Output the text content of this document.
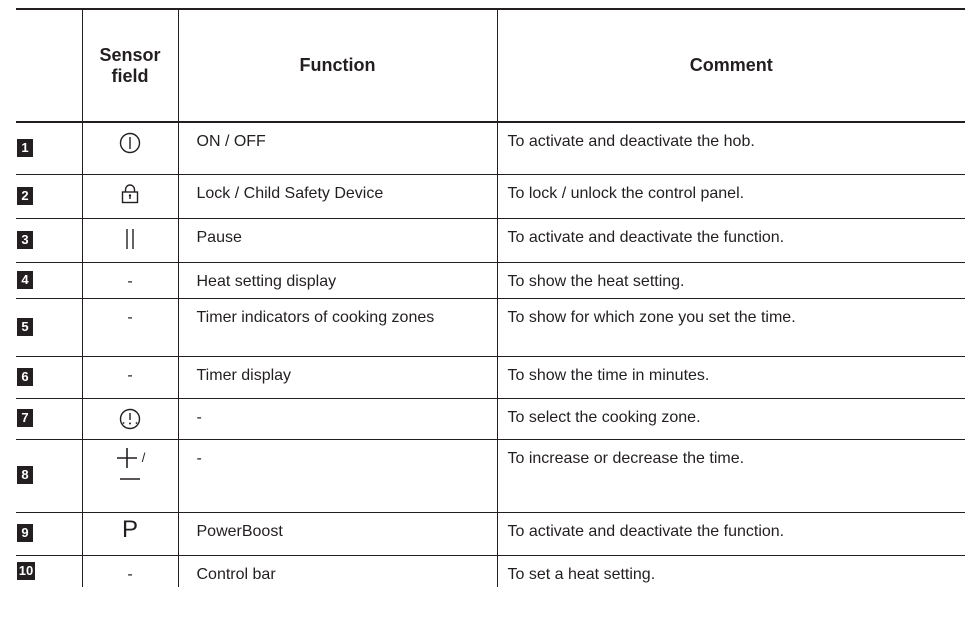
	Sensor field	Function	Comment
1		ON / OFF	To activate and deactivate the hob.
2		Lock / Child Safety Device	To lock / unlock the control panel.
3		Pause	To activate and deactivate the function.
4	-	Heat setting display	To show the heat setting.
5	-	Timer indicators of cooking zones	To show for which zone you set the time.
6	-	Timer display	To show the time in minutes.
7		-	To select the cooking zone.
8	/	-	To increase or decrease the time.
9	P	PowerBoost	To activate and deactivate the function.
10	-	Control bar	To set a heat setting.
